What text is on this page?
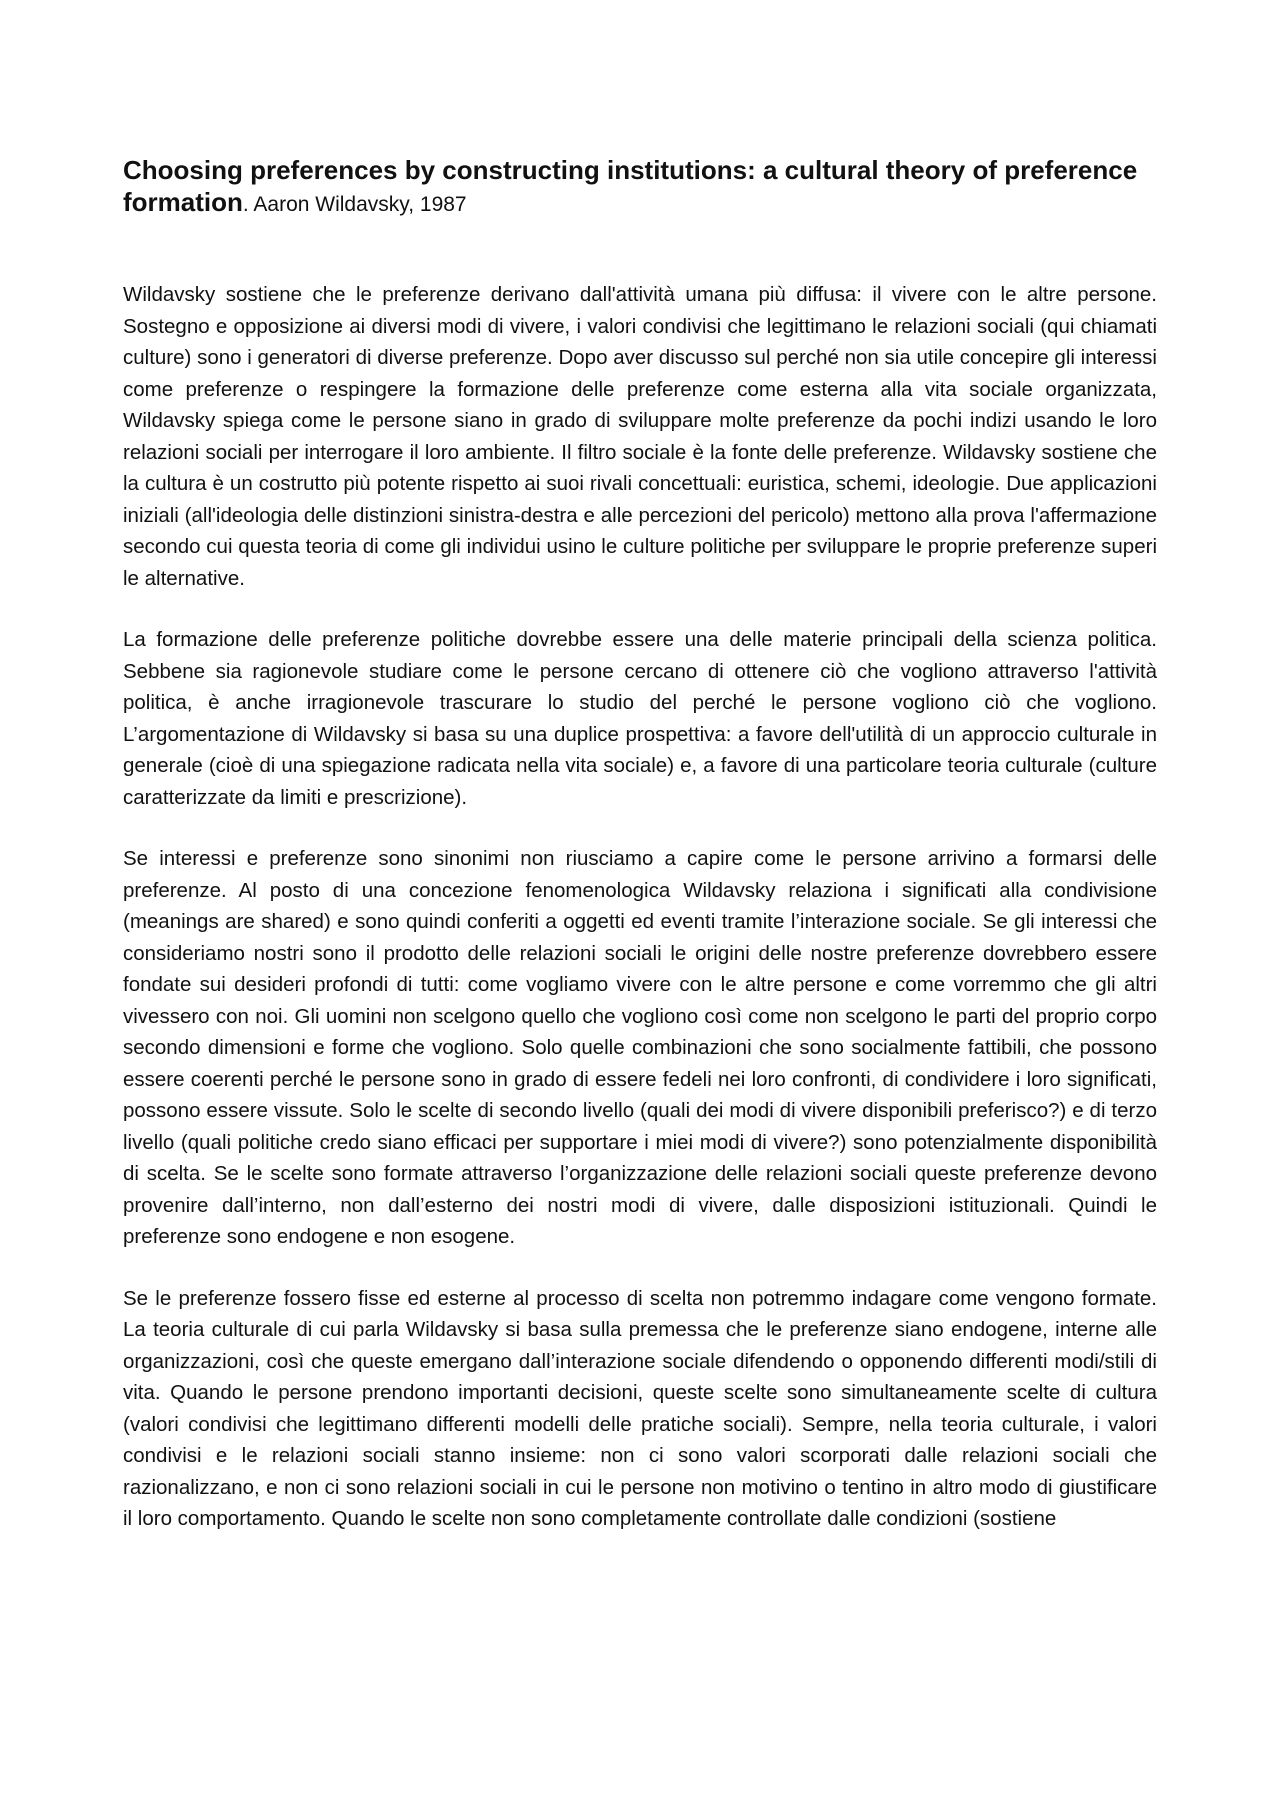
Choosing preferences by constructing institutions: a cultural theory of preference formation. Aaron Wildavsky, 1987

Wildavsky sostiene che le preferenze derivano dall'attività umana più diffusa: il vivere con le altre persone. Sostegno e opposizione ai diversi modi di vivere, i valori condivisi che legittimano le relazioni sociali (qui chiamati culture) sono i generatori di diverse preferenze. Dopo aver discusso sul perché non sia utile concepire gli interessi come preferenze o respingere la formazione delle preferenze come esterna alla vita sociale organizzata, Wildavsky spiega come le persone siano in grado di sviluppare molte preferenze da pochi indizi usando le loro relazioni sociali per interrogare il loro ambiente. Il filtro sociale è la fonte delle preferenze. Wildavsky sostiene che la cultura è un costrutto più potente rispetto ai suoi rivali concettuali: euristica, schemi, ideologie. Due applicazioni iniziali (all'ideologia delle distinzioni sinistra-destra e alle percezioni del pericolo) mettono alla prova l'affermazione secondo cui questa teoria di come gli individui usino le culture politiche per sviluppare le proprie preferenze superi le alternative.

La formazione delle preferenze politiche dovrebbe essere una delle materie principali della scienza politica. Sebbene sia ragionevole studiare come le persone cercano di ottenere ciò che vogliono attraverso l'attività politica, è anche irragionevole trascurare lo studio del perché le persone vogliono ciò che vogliono. L’argomentazione di Wildavsky si basa su una duplice prospettiva: a favore dell'utilità di un approccio culturale in generale (cioè di una spiegazione radicata nella vita sociale) e, a favore di una particolare teoria culturale (culture caratterizzate da limiti e prescrizione).

Se interessi e preferenze sono sinonimi non riusciamo a capire come le persone arrivino a formarsi delle preferenze. Al posto di una concezione fenomenologica Wildavsky relaziona i significati alla condivisione (meanings are shared) e sono quindi conferiti a oggetti ed eventi tramite l’interazione sociale. Se gli interessi che consideriamo nostri sono il prodotto delle relazioni sociali le origini delle nostre preferenze dovrebbero essere fondate sui desideri profondi di tutti: come vogliamo vivere con le altre persone e come vorremmo che gli altri vivessero con noi. Gli uomini non scelgono quello che vogliono così come non scelgono le parti del proprio corpo secondo dimensioni e forme che vogliono. Solo quelle combinazioni che sono socialmente fattibili, che possono essere coerenti perché le persone sono in grado di essere fedeli nei loro confronti, di condividere i loro significati, possono essere vissute. Solo le scelte di secondo livello (quali dei modi di vivere disponibili preferisco?) e di terzo livello (quali politiche credo siano efficaci per supportare i miei modi di vivere?) sono potenzialmente disponibilità di scelta. Se le scelte sono formate attraverso l’organizzazione delle relazioni sociali queste preferenze devono provenire dall’interno, non dall’esterno dei nostri modi di vivere, dalle disposizioni istituzionali. Quindi le preferenze sono endogene e non esogene.

Se le preferenze fossero fisse ed esterne al processo di scelta non potremmo indagare come vengono formate. La teoria culturale di cui parla Wildavsky si basa sulla premessa che le preferenze siano endogene, interne alle organizzazioni, così che queste emergano dall’interazione sociale difendendo o opponendo differenti modi/stili di vita. Quando le persone prendono importanti decisioni, queste scelte sono simultaneamente scelte di cultura (valori condivisi che legittimano differenti modelli delle pratiche sociali). Sempre, nella teoria culturale, i valori condivisi e le relazioni sociali stanno insieme: non ci sono valori scorporati dalle relazioni sociali che razionalizzano, e non ci sono relazioni sociali in cui le persone non motivino o tentino in altro modo di giustificare il loro comportamento. Quando le scelte non sono completamente controllate dalle condizioni (sostiene
